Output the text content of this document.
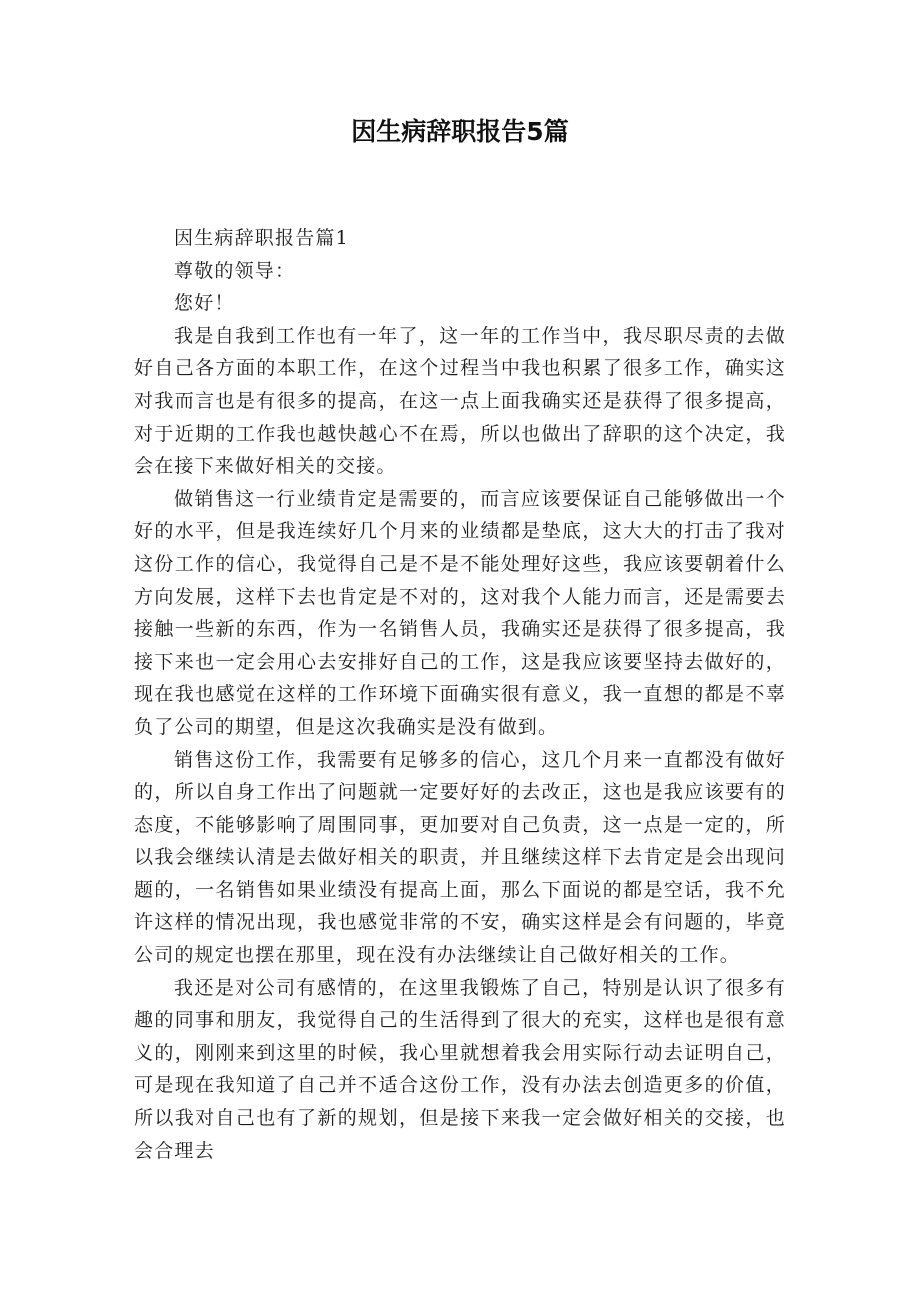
因生病辞职报告5篇

因生病辞职报告篇1

尊敬的领导：

您好！

我是自我到工作也有一年了，这一年的工作当中，我尽职尽责的去做好自己各方面的本职工作，在这个过程当中我也积累了很多工作，确实这对我而言也是有很多的提高，在这一点上面我确实还是获得了很多提高，对于近期的工作我也越快越心不在焉，所以也做出了辞职的这个决定，我会在接下来做好相关的交接。

做销售这一行业绩肯定是需要的，而言应该要保证自己能够做出一个好的水平，但是我连续好几个月来的业绩都是垫底，这大大的打击了我对这份工作的信心，我觉得自己是不是不能处理好这些，我应该要朝着什么方向发展，这样下去也肯定是不对的，这对我个人能力而言，还是需要去接触一些新的东西，作为一名销售人员，我确实还是获得了很多提高，我接下来也一定会用心去安排好自己的工作，这是我应该要坚持去做好的，现在我也感觉在这样的工作环境下面确实很有意义，我一直想的都是不辜负了公司的期望，但是这次我确实是没有做到。

销售这份工作，我需要有足够多的信心，这几个月来一直都没有做好的，所以自身工作出了问题就一定要好好的去改正，这也是我应该要有的态度，不能够影响了周围同事，更加要对自己负责，这一点是一定的，所以我会继续认清是去做好相关的职责，并且继续这样下去肯定是会出现问题的，一名销售如果业绩没有提高上面，那么下面说的都是空话，我不允许这样的情况出现，我也感觉非常的不安，确实这样是会有问题的，毕竟公司的规定也摆在那里，现在没有办法继续让自己做好相关的工作。

我还是对公司有感情的，在这里我锻炼了自己，特别是认识了很多有趣的同事和朋友，我觉得自己的生活得到了很大的充实，这样也是很有意义的，刚刚来到这里的时候，我心里就想着我会用实际行动去证明自己，可是现在我知道了自己并不适合这份工作，没有办法去创造更多的价值，所以我对自己也有了新的规划，但是接下来我一定会做好相关的交接，也会合理去
